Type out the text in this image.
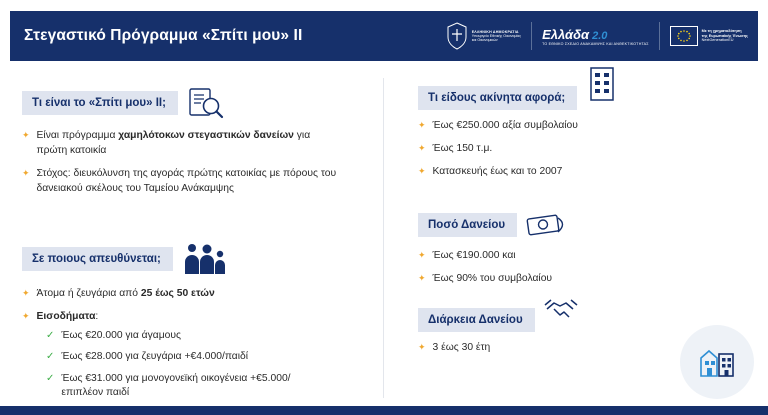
Στεγαστικό Πρόγραμμα «Σπίτι μου» ΙΙ	ΕΛΛΗΝΙΚΗ ΔΗΜΟΚΡΑΤΙΑ
Υπουργείο Εθνικής Οικονομίας
και Οικονομικών	Ελλάδα 2.0
ΤΟ ΕΘΝΙΚΟ ΣΧΕΔΙΟ ΑΝΑΚΑΜΨΗΣ ΚΑΙ ΑΝΘΕΚΤΙΚΟΤΗΤΑΣ
Με τη χρηματοδότηση
της Ευρωπαϊκής Ένωσης
NextGenerationEU
Τι είναι το «Σπίτι μου» ΙΙ;
✦ Είναι πρόγραμμα χαμηλότοκων στεγαστικών δανείων για πρώτη κατοικία
✦ Στόχος: διευκόλυνση της αγοράς πρώτης κατοικίας με πόρους του δανειακού σκέλους του Ταμείου Ανάκαμψης
Σε ποιους απευθύνεται;
✦ Άτομα ή ζευγάρια από 25 έως 50 ετών
✦ Εισοδήματα:
✓ Έως €20.000 για άγαμους
✓ Έως €28.000 για ζευγάρια +€4.000/παιδί
✓ Έως €31.000 για μονογονεϊκή οικογένεια +€5.000/επιπλέον παιδί
Τι είδους ακίνητα αφορά;
✦ Έως €250.000 αξία συμβολαίου
✦ Έως 150 τ.μ.
✦ Κατασκευής έως και το 2007
Ποσό Δανείου
✦ Έως €190.000 και
✦ Έως 90% του συμβολαίου
Διάρκεια Δανείου
✦ 3 έως 30 έτη
